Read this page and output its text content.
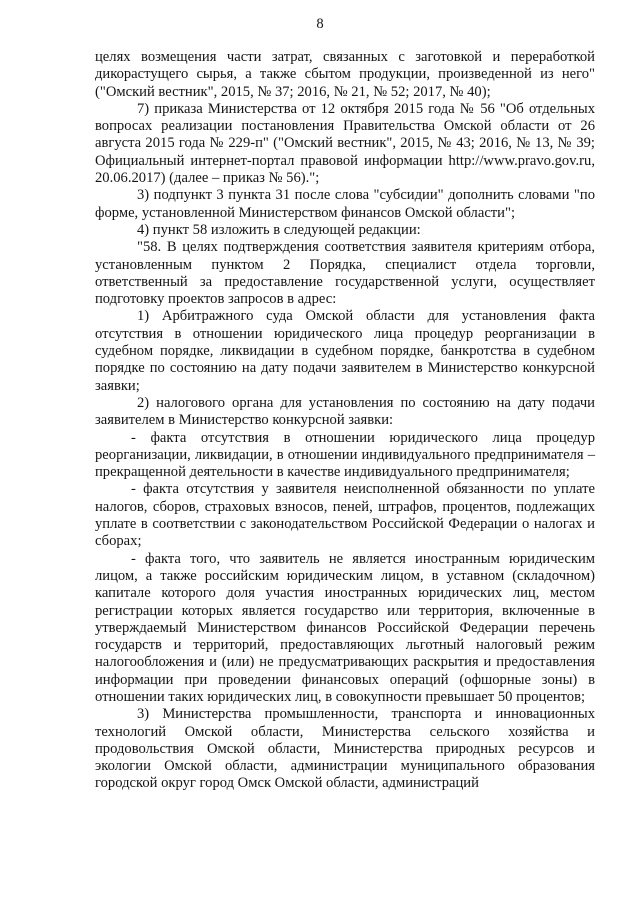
8

целях возмещения части затрат, связанных с заготовкой и переработкой дикорастущего сырья, а также сбытом продукции, произведенной из него" ("Омский вестник", 2015, № 37; 2016, № 21, № 52; 2017, № 40);

7) приказа Министерства от 12 октября 2015 года № 56 "Об отдельных вопросах реализации постановления Правительства Омской области от 26 августа 2015 года № 229-п" ("Омский вестник", 2015, № 43; 2016, № 13, № 39; Официальный интернет-портал правовой информации http://www.pravo.gov.ru, 20.06.2017) (далее – приказ № 56).";

3) подпункт 3 пункта 31 после слова "субсидии" дополнить словами "по форме, установленной Министерством финансов Омской области";

4) пункт 58 изложить в следующей редакции:

"58. В целях подтверждения соответствия заявителя критериям отбора, установленным пунктом 2 Порядка, специалист отдела торговли, ответственный за предоставление государственной услуги, осуществляет подготовку проектов запросов в адрес:

1) Арбитражного суда Омской области для установления факта отсутствия в отношении юридического лица процедур реорганизации в судебном порядке, ликвидации в судебном порядке, банкротства в судебном порядке по состоянию на дату подачи заявителем в Министерство конкурсной заявки;

2) налогового органа для установления по состоянию на дату подачи заявителем в Министерство конкурсной заявки:

- факта отсутствия в отношении юридического лица процедур реорганизации, ликвидации, в отношении индивидуального предпринимателя – прекращенной деятельности в качестве индивидуального предпринимателя;

- факта отсутствия у заявителя неисполненной обязанности по уплате налогов, сборов, страховых взносов, пеней, штрафов, процентов, подлежащих уплате в соответствии с законодательством Российской Федерации о налогах и сборах;

- факта того, что заявитель не является иностранным юридическим лицом, а также российским юридическим лицом, в уставном (складочном) капитале которого доля участия иностранных юридических лиц, местом регистрации которых является государство или территория, включенные в утверждаемый Министерством финансов Российской Федерации перечень государств и территорий, предоставляющих льготный налоговый режим налогообложения и (или) не предусматривающих раскрытия и предоставления информации при проведении финансовых операций (офшорные зоны) в отношении таких юридических лиц, в совокупности превышает 50 процентов;

3) Министерства промышленности, транспорта и инновационных технологий Омской области, Министерства сельского хозяйства и продовольствия Омской области, Министерства природных ресурсов и экологии Омской области, администрации муниципального образования городской округ город Омск Омской области, администраций
